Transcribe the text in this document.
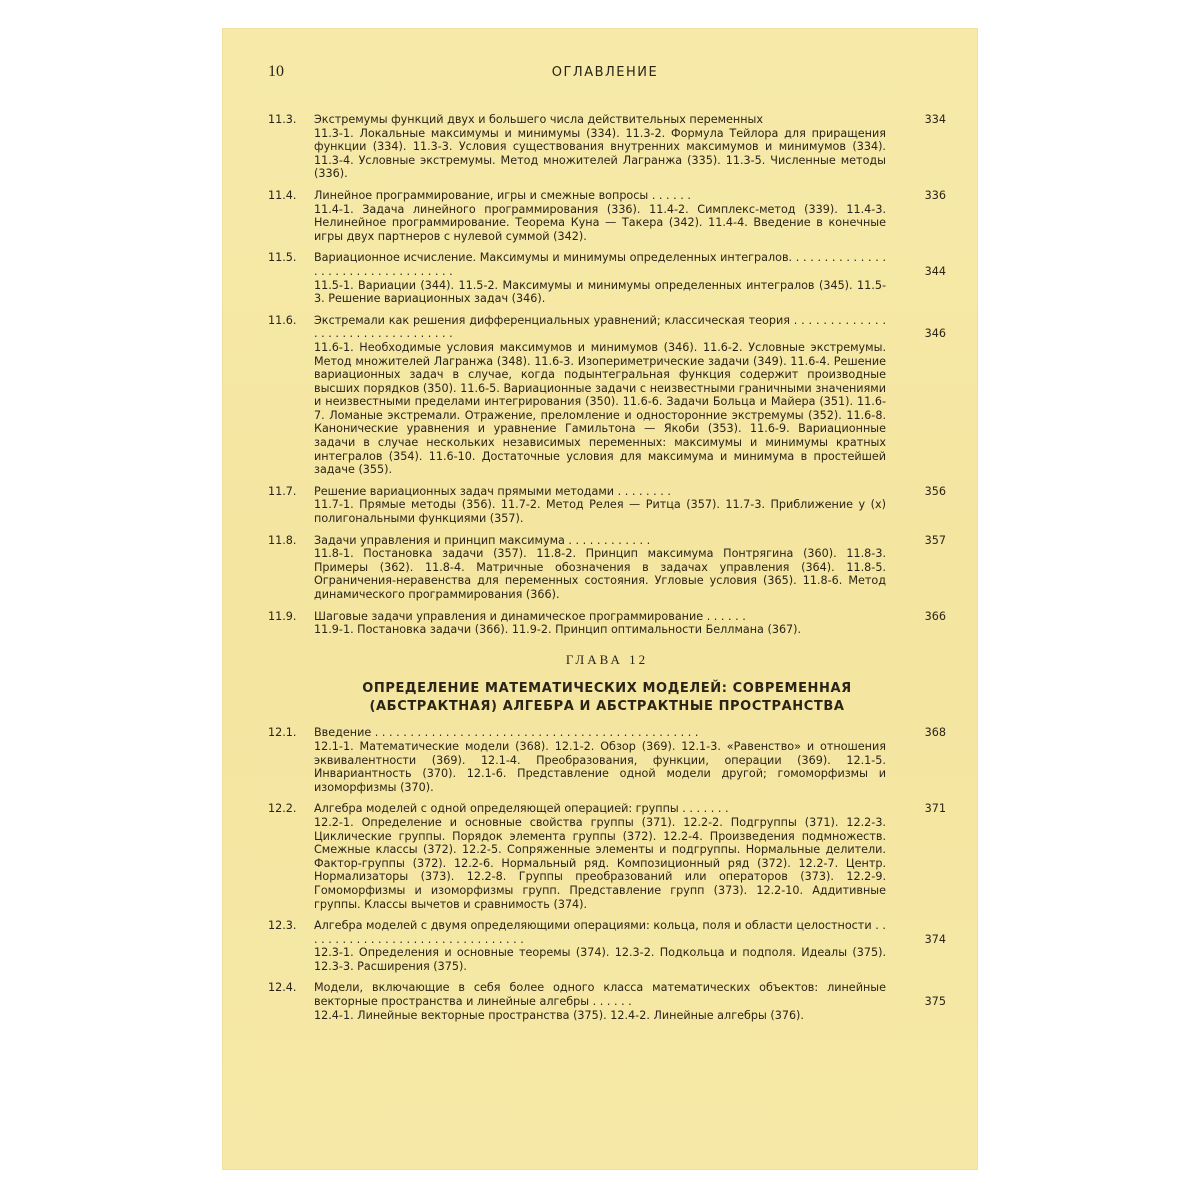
10	ОГЛАВЛЕНИЕ
11.3. Экстремумы функций двух и большего числа действительных переменных	334
11.3-1. Локальные максимумы и минимумы (334). 11.3-2. Формула Тейлора для приращения функции (334). 11.3-3. Условия существования внутренних максимумов и минимумов (334). 11.3-4. Условные экстремумы. Метод множителей Лагранжа (335). 11.3-5. Численные методы (336).
11.4. Линейное программирование, игры и смежные вопросы . . . . . .	336
11.4-1. Задача линейного программирования (336). 11.4-2. Симплекс-метод (339). 11.4-3. Нелинейное программирование. Теорема Куна — Такера (342). 11.4-4. Введение в конечные игры двух партнеров с нулевой суммой (342).
11.5. Вариационное исчисление. Максимумы и минимумы определенных интегралов. . . . . . . . . . . . . . . . . . . . . . . . . . . . . . . . . .	344
11.5-1. Вариации (344). 11.5-2. Максимумы и минимумы определенных интегралов (345). 11.5-3. Решение вариационных задач (346).
11.6. Экстремали как решения дифференциальных уравнений; классическая теория . . . . . . . . . . . . . . . . . . . . . . . . . . . . . . . . .	346
11.6-1. Необходимые условия максимумов и минимумов (346). 11.6-2. Условные экстремумы. Метод множителей Лагранжа (348). 11.6-3. Изопериметрические задачи (349). 11.6-4. Решение вариационных задач в случае, когда подынтегральная функция содержит производные высших порядков (350). 11.6-5. Вариационные задачи с неизвестными граничными значениями и неизвестными пределами интегрирования (350). 11.6-6. Задачи Больца и Майера (351). 11.6-7. Ломаные экстремали. Отражение, преломление и односторонние экстремумы (352). 11.6-8. Канонические уравнения и уравнение Гамильтона — Якоби (353). 11.6-9. Вариационные задачи в случае нескольких независимых переменных: максимумы и минимумы кратных интегралов (354). 11.6-10. Достаточные условия для максимума и минимума в простейшей задаче (355).
11.7. Решение вариационных задач прямыми методами . . . . . . . .	356
11.7-1. Прямые методы (356). 11.7-2. Метод Релея — Ритца (357). 11.7-3. Приближение y (x) полигональными функциями (357).
11.8. Задачи управления и принцип максимума . . . . . . . . . . . .	357
11.8-1. Постановка задачи (357). 11.8-2. Принцип максимума Понтрягина (360). 11.8-3. Примеры (362). 11.8-4. Матричные обозначения в задачах управления (364). 11.8-5. Ограничения-неравенства для переменных состояния. Угловые условия (365). 11.8-6. Метод динамического программирования (366).
11.9. Шаговые задачи управления и динамическое программирование . . . . . .	366
11.9-1. Постановка задачи (366). 11.9-2. Принцип оптимальности Беллмана (367).
ГЛАВА 12
ОПРЕДЕЛЕНИЕ МАТЕМАТИЧЕСКИХ МОДЕЛЕЙ: СОВРЕМЕННАЯ
(АБСТРАКТНАЯ) АЛГЕБРА И АБСТРАКТНЫЕ ПРОСТРАНСТВА
12.1. Введение . . . . . . . . . . . . . . . . . . . . . . . . . . . . . . . . . . . . . . . . . . . . . .	368
12.1-1. Математические модели (368). 12.1-2. Обзор (369). 12.1-3. «Равенство» и отношения эквивалентности (369). 12.1-4. Преобразования, функции, операции (369). 12.1-5. Инвариантность (370). 12.1-6. Представление одной модели другой; гомоморфизмы и изоморфизмы (370).
12.2. Алгебра моделей с одной определяющей операцией: группы . . . . . . .	371
12.2-1. Определение и основные свойства группы (371). 12.2-2. Подгруппы (371). 12.2-3. Циклические группы. Порядок элемента группы (372). 12.2-4. Произведения подмножеств. Смежные классы (372). 12.2-5. Сопряженные элементы и подгруппы. Нормальные делители. Фактор-группы (372). 12.2-6. Нормальный ряд. Композиционный ряд (372). 12.2-7. Центр. Нормализаторы (373). 12.2-8. Группы преобразований или операторов (373). 12.2-9. Гомоморфизмы и изоморфизмы групп. Представление групп (373). 12.2-10. Аддитивные группы. Классы вычетов и сравнимость (374).
12.3. Алгебра моделей с двумя определяющими операциями: кольца, поля и области целостности . . . . . . . . . . . . . . . . . . . . . . . . . . . . . . . .	374
12.3-1. Определения и основные теоремы (374). 12.3-2. Подкольца и подполя. Идеалы (375). 12.3-3. Расширения (375).
12.4. Модели, включающие в себя более одного класса математических объектов: линейные векторные пространства и линейные алгебры . . . . . .	375
12.4-1. Линейные векторные пространства (375). 12.4-2. Линейные алгебры (376).
